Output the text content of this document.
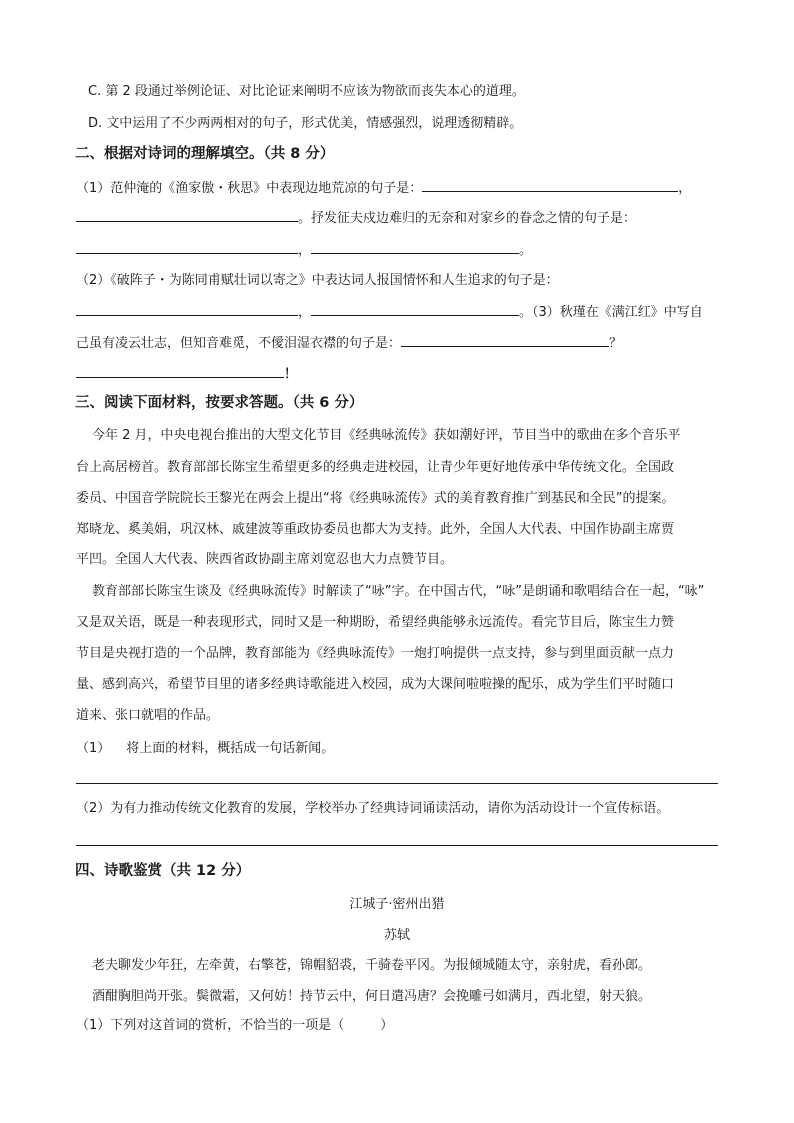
C. 第 2 段通过举例论证、对比论证来阐明不应该为物欲而丧失本心的道理。
D. 文中运用了不少两两相对的句子，形式优美，情感强烈，说理透彻精辟。
二、根据对诗词的理解填空。（共 8 分）
（1）范仲淹的《渔家傲・秋思》中表现边地荒凉的句子是：	，
。抒发征夫戍边难归的无奈和对家乡的眷念之情的句子是：
，	。
（2）《破阵子・为陈同甫赋壮词以寄之》中表达词人报国情怀和人生追求的句子是：
，	。（3）秋瑾在《满江红》中写自
己虽有凌云壮志，但知音难觅，不僾泪湿衣襟的句子是：	？
！
三、阅读下面材料，按要求答题。（共 6 分）
今年 2 月，中央电视台推出的大型文化节目《经典咏流传》获如潮好评，节目当中的歌曲在多个音乐平
台上高居榜首。教育部部长陈宝生希望更多的经典走进校园，让青少年更好地传承中华传统文化。全国政
委员、中国音学院院长王黎光在两会上提出“将《经典咏流传》式的美育教育推广到基民和全民”的提案。
郑晓龙、奚美娟，巩汉林、戚建波等重政协委员也都大为支持。此外，全国人大代表、中国作协副主席贾
平凹。全国人大代表、陕西省政协副主席刘宽忍也大力点赞节目。
教育部部长陈宝生谈及《经典咏流传》时解读了“咏”字。在中国古代，“咏”是朗诵和歌唱结合在一起，“咏”
又是双关语，既是一种表现形式，同时又是一种期盼，希望经典能够永远流传。看完节目后，陈宝生力赞
节目是央视打造的一个品牌，教育部能为《经典咏流传》一炮打响提供一点支持，参与到里面贡献一点力
量、感到高兴，希望节目里的诸多经典诗歌能进入校园，成为大课间啦啦操的配乐，成为学生们平时随口
道来、张口就唱的作品。
（1） 将上面的材料，概括成一句话新闻。
（2）为有力推动传统文化教育的发展，学校举办了经典诗词诵读活动，请你为活动设计一个宣传标语。
四、诗歌鉴赏（共 12 分）
江城子·密州出猎
苏轼
老夫聊发少年狂，左牵黄，右擎苍，锦帽貂裘，千骑卷平冈。为报倾城随太守，亲射虎，看孙郎。
酒酣胸胆尚开张。鬓微霜，又何妨！持节云中，何日遣冯唐？会挽雕弓如满月，西北望，射天狼。
（1）下列对这首词的赏析，不恰当的一项是（	）
